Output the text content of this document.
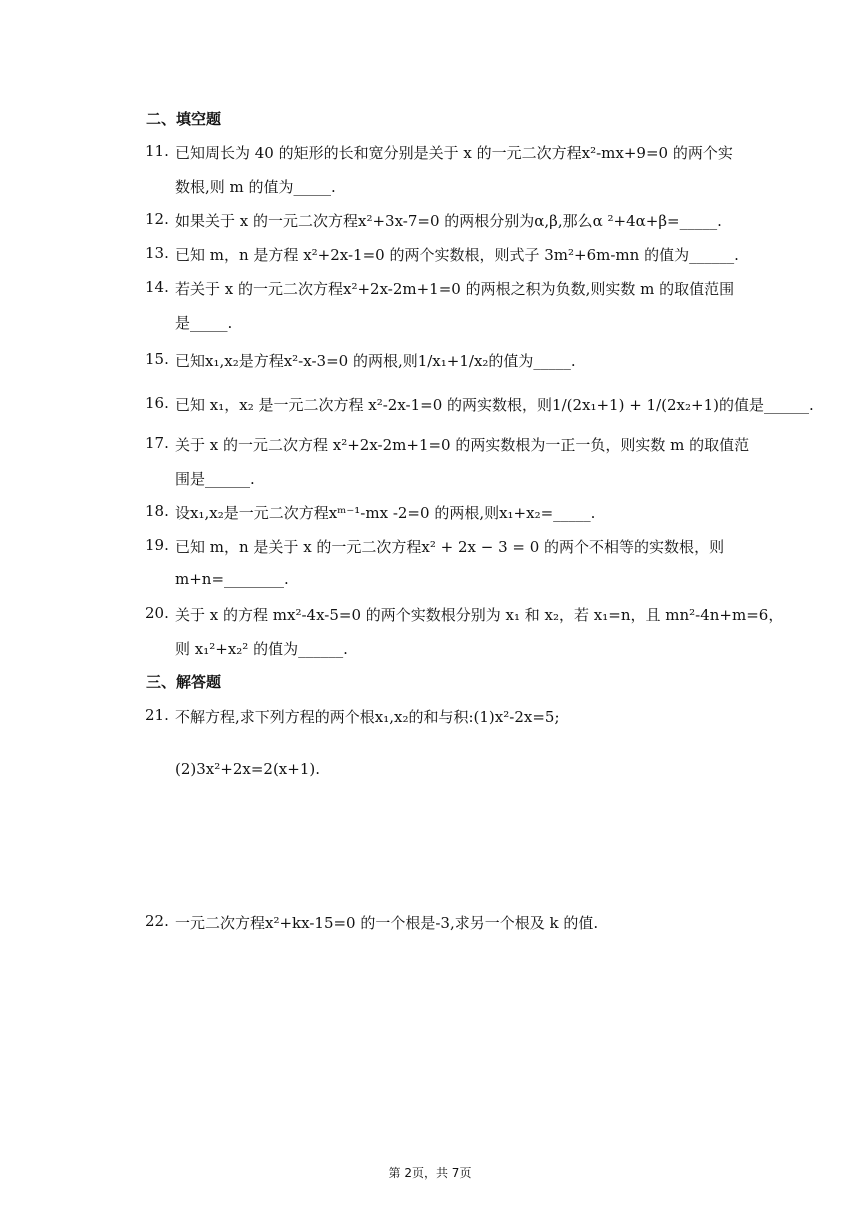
二、填空题
11. 已知周长为 40 的矩形的长和宽分别是关于 x 的一元二次方程x²-mx+9=0 的两个实
数根,则 m 的值为_____.
12. 如果关于 x 的一元二次方程x²+3x-7=0 的两根分别为α,β,那么α ²+4α+β=_____.
13. 已知 m，n 是方程 x²+2x-1=0 的两个实数根，则式子 3m²+6m-mn 的值为______.
14. 若关于 x 的一元二次方程x²+2x-2m+1=0 的两根之积为负数,则实数 m 的取值范围
是_____.
15. 已知x₁,x₂是方程x²-x-3=0 的两根,则1/x₁+1/x₂的值为_____.
16. 已知 x₁，x₂ 是一元二次方程 x²-2x-1=0 的两实数根，则1/(2x₁+1) + 1/(2x₂+1)的值是______.
17. 关于 x 的一元二次方程 x²+2x-2m+1=0 的两实数根为一正一负，则实数 m 的取值范
围是______.
18. 设x₁,x₂是一元二次方程xᵐ⁻¹-mx -2=0 的两根,则x₁+x₂=_____.
19. 已知 m，n 是关于 x 的一元二次方程x² + 2x − 3 = 0 的两个不相等的实数根，则
m+n=________.
20. 关于 x 的方程 mx²-4x-5=0 的两个实数根分别为 x₁ 和 x₂，若 x₁=n，且 mn²-4n+m=6，
则 x₁²+x₂² 的值为______.
三、解答题
21. 不解方程,求下列方程的两个根x₁,x₂的和与积:(1)x²-2x=5;
(2)3x²+2x=2(x+1).
22. 一元二次方程x²+kx-15=0 的一个根是-3,求另一个根及 k 的值.
第 2页，共 7页
